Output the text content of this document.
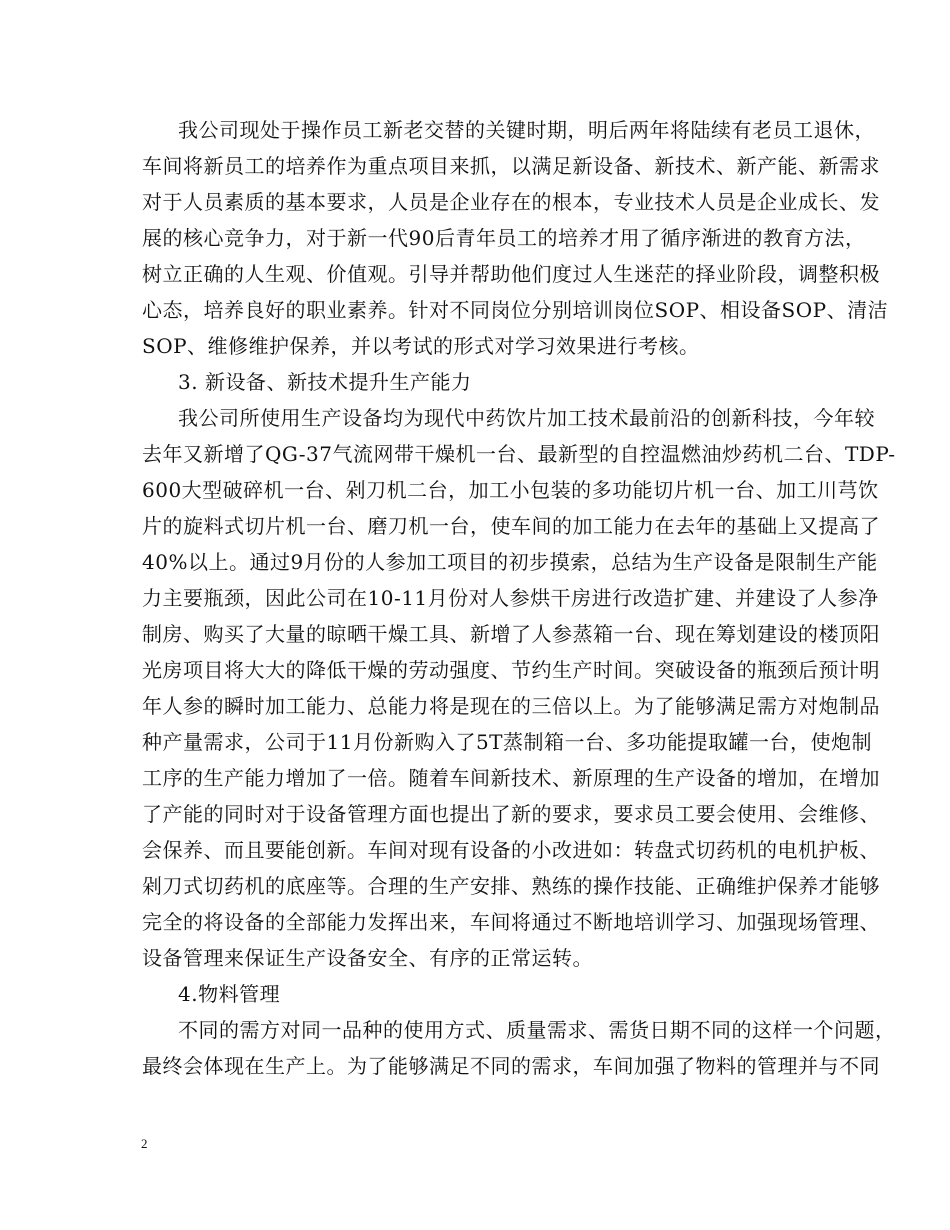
我公司现处于操作员工新老交替的关键时期，明后两年将陆续有老员工退休，
车间将新员工的培养作为重点项目来抓，以满足新设备、新技术、新产能、新需求
对于人员素质的基本要求，人员是企业存在的根本，专业技术人员是企业成长、发
展的核心竞争力，对于新一代90后青年员工的培养才用了循序渐进的教育方法，
树立正确的人生观、价值观。引导并帮助他们度过人生迷茫的择业阶段，调整积极
心态，培养良好的职业素养。针对不同岗位分别培训岗位SOP、相设备SOP、清洁
SOP、维修维护保养，并以考试的形式对学习效果进行考核。
3. 新设备、新技术提升生产能力
我公司所使用生产设备均为现代中药饮片加工技术最前沿的创新科技，今年较
去年又新增了QG-37气流网带干燥机一台、最新型的自控温燃油炒药机二台、TDP-
600大型破碎机一台、剁刀机二台，加工小包装的多功能切片机一台、加工川芎饮
片的旋料式切片机一台、磨刀机一台，使车间的加工能力在去年的基础上又提高了
40%以上。通过9月份的人参加工项目的初步摸索，总结为生产设备是限制生产能
力主要瓶颈，因此公司在10-11月份对人参烘干房进行改造扩建、并建设了人参净
制房、购买了大量的晾晒干燥工具、新增了人参蒸箱一台、现在筹划建设的楼顶阳
光房项目将大大的降低干燥的劳动强度、节约生产时间。突破设备的瓶颈后预计明
年人参的瞬时加工能力、总能力将是现在的三倍以上。为了能够满足需方对炮制品
种产量需求，公司于11月份新购入了5T蒸制箱一台、多功能提取罐一台，使炮制
工序的生产能力增加了一倍。随着车间新技术、新原理的生产设备的增加，在增加
了产能的同时对于设备管理方面也提出了新的要求，要求员工要会使用、会维修、
会保养、而且要能创新。车间对现有设备的小改进如：转盘式切药机的电机护板、
剁刀式切药机的底座等。合理的生产安排、熟练的操作技能、正确维护保养才能够
完全的将设备的全部能力发挥出来，车间将通过不断地培训学习、加强现场管理、
设备管理来保证生产设备安全、有序的正常运转。
4.物料管理
不同的需方对同一品种的使用方式、质量需求、需货日期不同的这样一个问题，
最终会体现在生产上。为了能够满足不同的需求，车间加强了物料的管理并与不同
2
